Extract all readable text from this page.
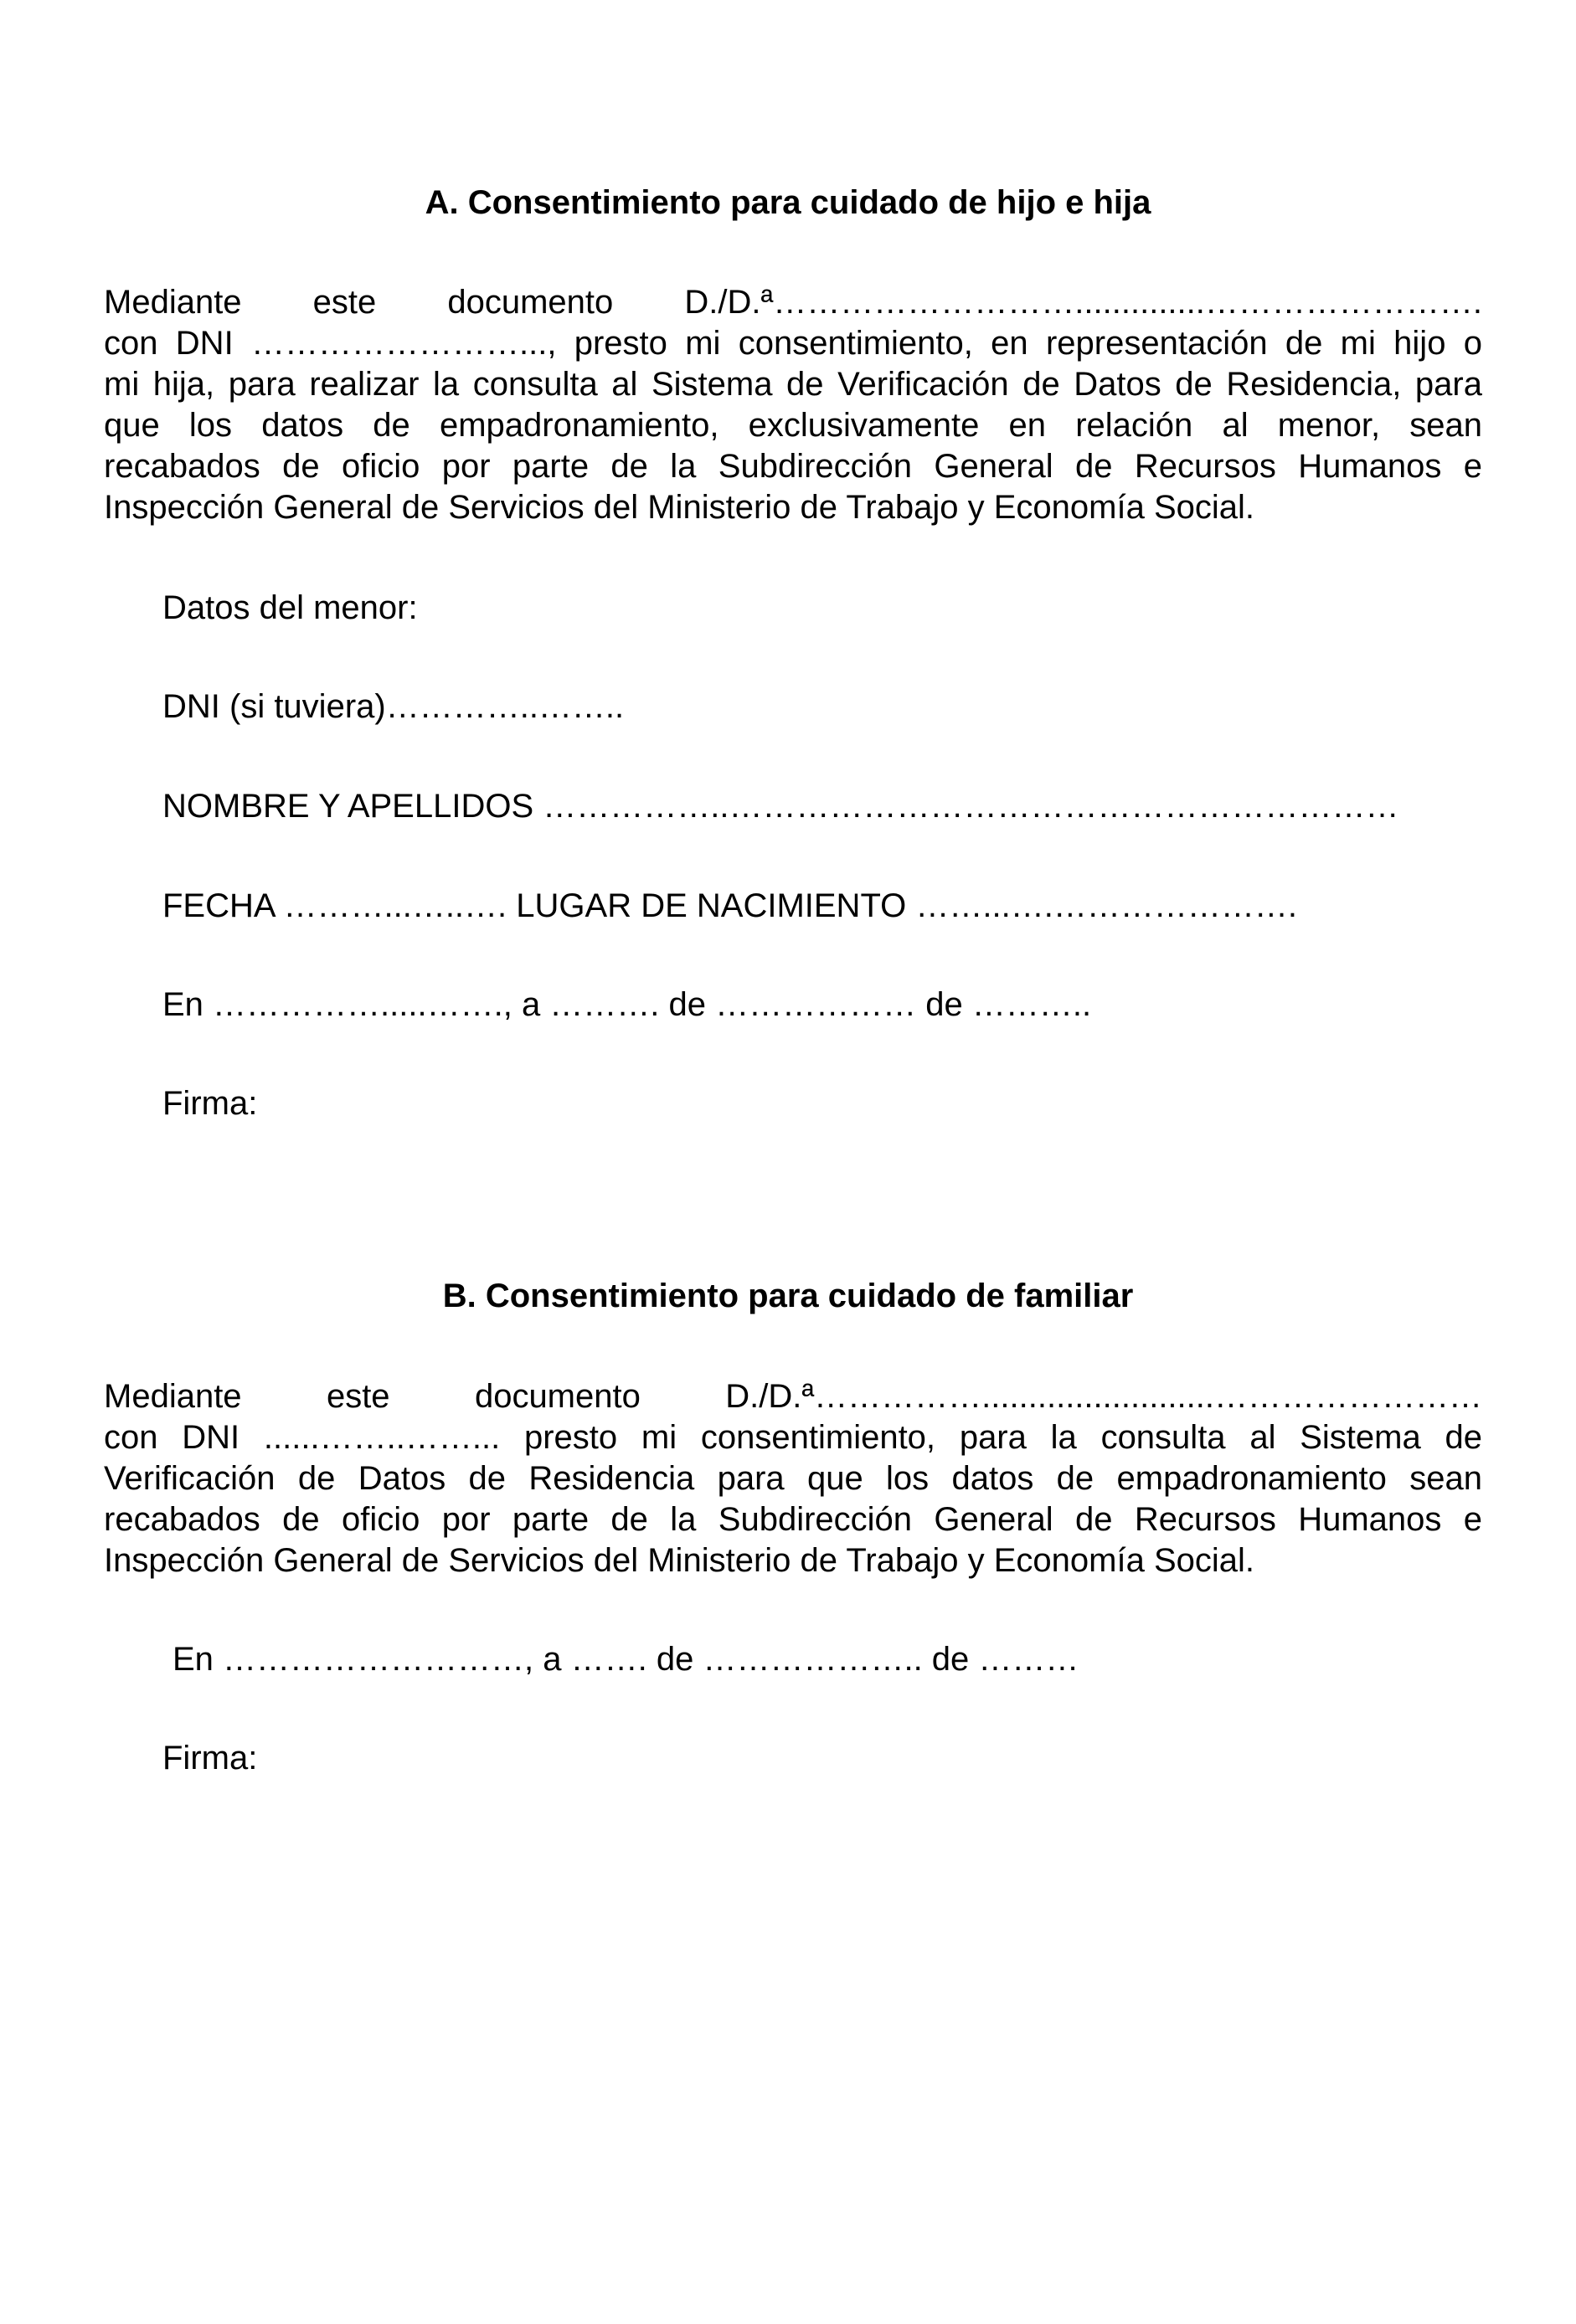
A. Consentimiento para cuidado de hijo e hija

Mediante este documento D./D.ª………………………..............…………………….
con DNI ……………………..., presto mi consentimiento, en representación de mi hijo o
mi hija, para realizar la consulta al Sistema de Verificación de Datos de Residencia, para
que los datos de empadronamiento, exclusivamente en relación al menor, sean
recabados de oficio por parte de la Subdirección General de Recursos Humanos e
Inspección General de Servicios del Ministerio de Trabajo y Economía Social.

Datos del menor:

DNI (si tuviera)…………..……..

NOMBRE Y APELLIDOS ……………..……………………………………………………

FECHA ………...…..…. LUGAR DE NACIMIENTO ……...….………………….

En …………….....……., a ………. de ……………… de ………..

Firma:

B. Consentimiento para cuidado de familiar

Mediante este documento D./D.ª…………….........................……………………
con DNI ......……..……... presto mi consentimiento, para la consulta al Sistema de
Verificación de Datos de Residencia para que los datos de empadronamiento sean
recabados de oficio por parte de la Subdirección General de Recursos Humanos e
Inspección General de Servicios del Ministerio de Trabajo y Economía Social.

En ………………………, a ……. de ……………….. de ………

Firma:
